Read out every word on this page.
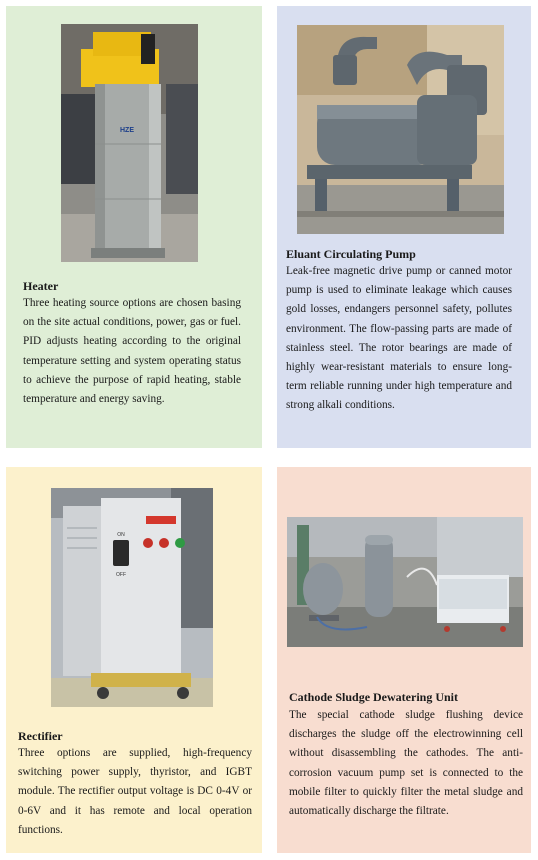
HZE
Heater
Three heating source options are chosen basing on the site actual conditions, power, gas or fuel. PID adjusts heating according to the original temperature setting and system operating status to achieve the purpose of rapid heating, stable temperature and energy saving.
Eluant Circulating Pump
Leak-free magnetic drive pump or canned motor pump is used to eliminate leakage which causes gold losses, endangers personnel safety, pollutes environment. The flow-passing parts are made of stainless steel. The rotor bearings are made of highly wear-resistant materials to ensure long-term reliable running under high temperature and strong alkali conditions.
ON
OFF
Rectifier
Three options are supplied, high-frequency switching power supply, thyristor, and IGBT module. The rectifier output voltage is DC 0-4V or 0-6V and it has remote and local operation functions.
Cathode Sludge Dewatering Unit
The special cathode sludge flushing device discharges the sludge off the electrowinning cell without disassembling the cathodes. The anti-corrosion vacuum pump set is connected to the mobile filter to quickly filter the metal sludge and automatically discharge the filtrate.
